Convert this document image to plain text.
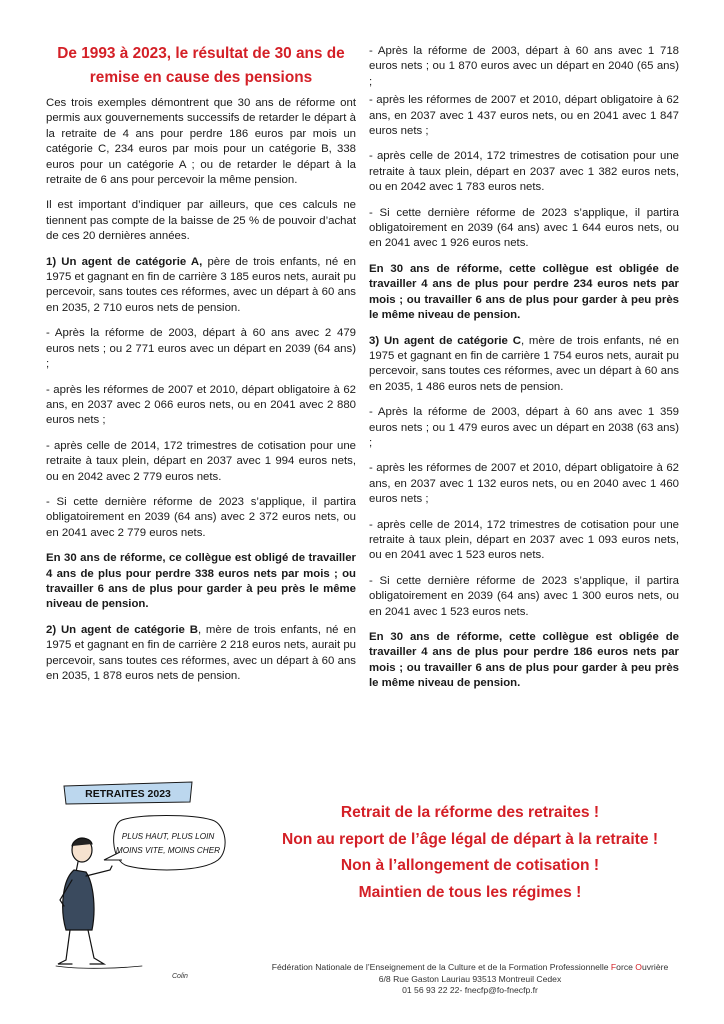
De 1993 à 2023, le résultat de 30 ans de
remise en cause des pensions

Ces trois exemples démontrent que 30 ans de réforme ont permis aux gouvernements successifs de retarder le départ à la retraite de 4 ans pour perdre 186 euros par mois un catégorie C, 234 euros par mois pour un catégorie B, 338 euros pour un catégorie A ; ou de retarder le départ à la retraite de 6 ans pour percevoir la même pension.

Il est important d’indiquer par ailleurs, que ces calculs ne tiennent pas compte de la baisse de 25 % de pouvoir d’achat de ces 20 dernières années.

1) Un agent de catégorie A, père de trois enfants, né en 1975 et gagnant en fin de carrière 3 185 euros nets, aurait pu percevoir, sans toutes ces réformes, avec un départ à 60 ans en 2035, 2 710 euros nets de pension.

- Après la réforme de 2003, départ à 60 ans avec 2 479 euros nets ; ou 2 771 euros avec un départ en 2039 (64 ans) ;

- après les réformes de 2007 et 2010, départ obligatoire à 62 ans, en 2037 avec 2 066 euros nets, ou en 2041 avec 2 880 euros nets ;

- après celle de 2014, 172 trimestres de cotisation pour une retraite à taux plein, départ en 2037 avec 1 994 euros nets, ou en 2042 avec 2 779 euros nets.

- Si cette dernière réforme de 2023 s’applique, il partira obligatoirement en 2039 (64 ans) avec 2 372 euros nets, ou en 2041 avec 2 779 euros nets.

En 30 ans de réforme, ce collègue est obligé de travailler 4 ans de plus pour perdre 338 euros nets par mois ; ou travailler 6 ans de plus pour garder à peu près le même niveau de pension.

2) Un agent de catégorie B, mère de trois enfants, né en 1975 et gagnant en fin de carrière 2 218 euros nets, aurait pu percevoir, sans toutes ces réformes, avec un départ à 60 ans en 2035, 1 878 euros nets de pension.

- Après la réforme de 2003, départ à 60 ans avec 1 718 euros nets ; ou 1 870 euros avec un départ en 2040 (65 ans) ;

- après les réformes de 2007 et 2010, départ obligatoire à 62 ans, en 2037 avec 1 437 euros nets, ou en 2041 avec 1 847 euros nets ;

- après celle de 2014, 172 trimestres de cotisation pour une retraite à taux plein, départ en 2037 avec 1 382 euros nets, ou en 2042 avec 1 783 euros nets.

- Si cette dernière réforme de 2023 s’applique, il partira obligatoirement en 2039 (64 ans) avec 1 644 euros nets, ou en 2041 avec 1 926 euros nets.

En 30 ans de réforme, cette collègue est obligée de travailler 4 ans de plus pour perdre 234 euros nets par mois ; ou travailler 6 ans de plus pour garder à peu près le même niveau de pension.

3) Un agent de catégorie C, mère de trois enfants, né en 1975 et gagnant en fin de carrière 1 754 euros nets, aurait pu percevoir, sans toutes ces réformes, avec un départ à 60 ans en 2035, 1 486 euros nets de pension.

- Après la réforme de 2003, départ à 60 ans avec 1 359 euros nets ; ou 1 479 euros avec un départ en 2038 (63 ans) ;

- après les réformes de 2007 et 2010, départ obligatoire à 62 ans, en 2037 avec 1 132 euros nets, ou en 2040 avec 1 460 euros nets ;

- après celle de 2014, 172 trimestres de cotisation pour une retraite à taux plein, départ en 2037 avec 1 093 euros nets, ou en 2041 avec 1 523 euros nets.

- Si cette dernière réforme de 2023 s’applique, il partira obligatoirement en 2039 (64 ans) avec 1 300 euros nets, ou en 2041 avec 1 523 euros nets.

En 30 ans de réforme, cette collègue est obligée de travailler 4 ans de plus pour perdre 186 euros nets par mois ; ou travailler 6 ans de plus pour garder à peu près le même niveau de pension.

RETRAITES 2023
PLUS HAUT, PLUS LOIN
MOINS VITE, MOINS CHER
Colin
Retrait de la réforme des retraites !
Non au report de l’âge légal de départ à la retraite !
Non à l’allongement de cotisation !
Maintien de tous les régimes !
Fédération Nationale de l’Enseignement de la Culture et de la Formation Professionnelle Force Ouvrière
6/8 Rue Gaston Lauriau 93513 Montreuil Cedex
01 56 93 22 22- fnecfp@fo-fnecfp.fr
